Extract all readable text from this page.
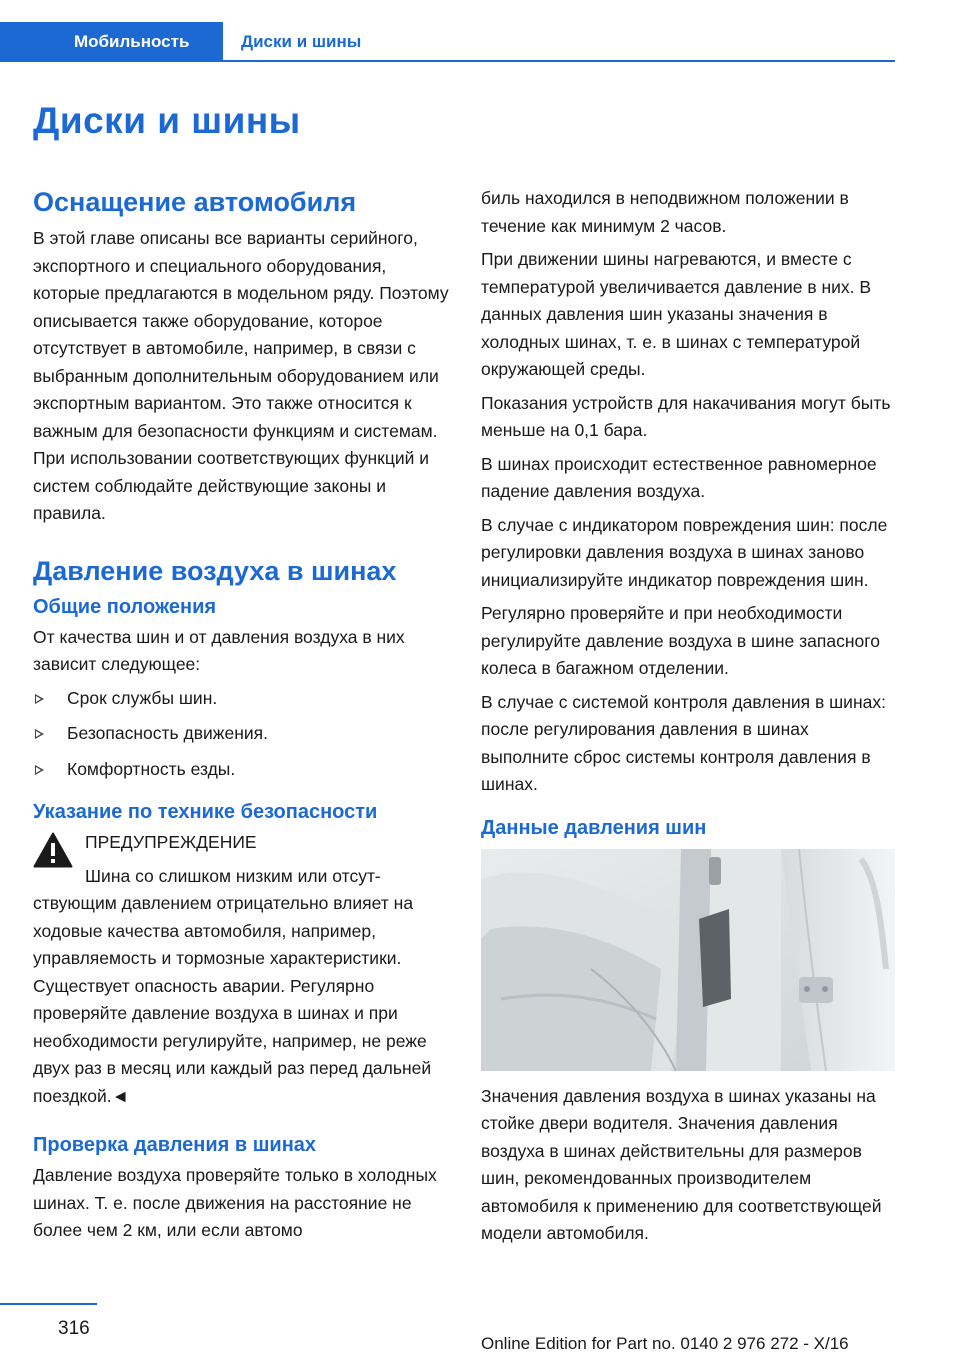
Мобильность	Диски и шины
Диски и шины
Оснащение автомобиля

В этой главе описаны все варианты серийного, экспортного и специального оборудования, которые предлагаются в модельном ряду. Поэтому описывается также оборудование, которое отсутствует в автомобиле, например, в связи с выбранным дополнительным оборудованием или экспортным вариантом. Это также относится к важным для безопасности функциям и системам. При использовании соответствующих функций и систем соблюдайте действующие законы и правила.

Давление воздуха в шинах
Общие положения

От качества шин и от давления воздуха в них зависит следующее:

Срок службы шин.
Безопасность движения.
Комфортность езды.
Указание по технике безопасности

ПРЕДУПРЕЖДЕНИЕ

Шина со слишком низким или отсутствующим давлением отрицательно влияет на ходовые качества автомобиля, например, управляемость и тормозные характеристики. Существует опасность аварии. Регулярно проверяйте давление воздуха в шинах и при необходимости регулируйте, например, не реже двух раз в месяц или каждый раз перед дальней поездкой.◄

Проверка давления в шинах

Давление воздуха проверяйте только в холодных шинах. Т. е. после движения на расстояние не более чем 2 км, или если автомо

биль находился в неподвижном положении в течение как минимум 2 часов.

При движении шины нагреваются, и вместе с температурой увеличивается давление в них. В данных давления шин указаны значения в холодных шинах, т. е. в шинах с температурой окружающей среды.

Показания устройств для накачивания могут быть меньше на 0,1 бара.

В шинах происходит естественное равномерное падение давления воздуха.

В случае с индикатором повреждения шин: после регулировки давления воздуха в шинах заново инициализируйте индикатор повреждения шин.

Регулярно проверяйте и при необходимости регулируйте давление воздуха в шине запасного колеса в багажном отделении.

В случае с системой контроля давления в шинах: после регулирования давления в шинах выполните сброс системы контроля давления в шинах.

Данные давления шин

Значения давления воздуха в шинах указаны на стойке двери водителя. Значения давления воздуха в шинах действительны для размеров шин, рекомендованных производителем автомобиля к применению для соответствующей модели автомобиля.

316
Online Edition for Part no. 0140 2 976 272 - X/16
